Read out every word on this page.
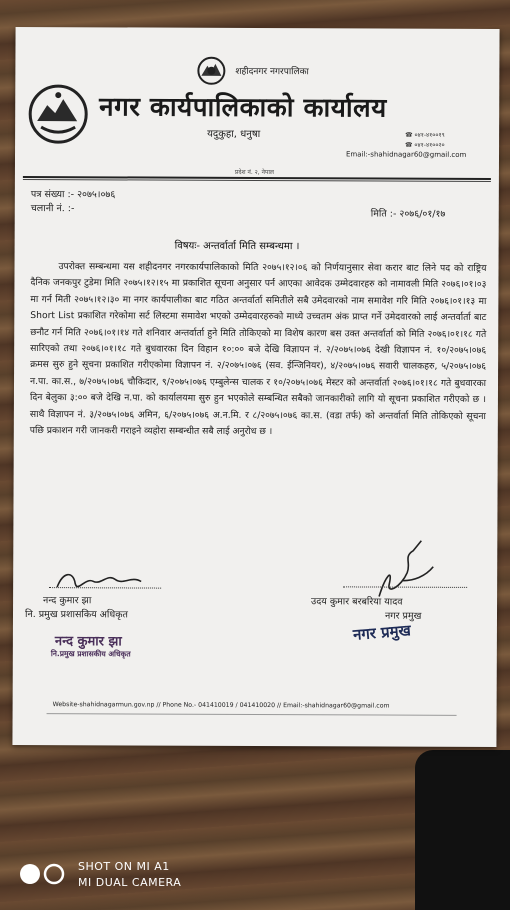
शहीदनगर नगरपालिका
नगर कार्यपालिकाको कार्यालय
यदुकुहा, धनुषा	☎ ०४१-४१००१९
☎ ०४१-४१००२०
Email:-shahidnagar60@gmail.com
प्रदेश नं. २, नेपाल
पत्र संख्या :- २०७५।०७६
चलानी नं. :-	मिति :- २०७६/०१/१७
विषयः- अन्तर्वार्ता मिति सम्बन्धमा ।
उपरोक्त सम्बन्धमा यस शहीदनगर नगरकार्यपालिकाको मिति २०७५।१२।०६ को निर्णयानुसार सेवा करार बाट लिने पद को राष्ट्रिय दैनिक जनकपुर टुडेमा मिति २०७५।१२।१५ मा प्रकाशित सूचना अनुसार पर्न आएका आवेदक उम्मेदवारहरु को नामावली मिति २०७६।०१।०३ मा गर्न मिती २०७५।१२।३० मा नगर कार्यपालीका बाट गठित अन्तर्वार्ता समितीले सबै उमेदवारको नाम समावेश गरि मिति २०७६।०१।१३ मा Short List प्रकाशित गरेकोमा सर्ट लिस्टमा समावेश भएको उम्मेदवारहरुको माध्ये उच्चतम अंक प्राप्त गर्ने उमेदवारको लाई अन्तर्वार्ता बाट छनौट गर्न मिति २०७६।०१।१४ गते शनिवार अन्तर्वार्ता हुने मिति तोकिएको मा विशेष कारण बस उक्त अन्तर्वार्ता को मिति २०७६।०१।१८ गते सारिएको तथा २०७६।०१।१८ गते बुधवारका दिन विहान १०:०० बजे देखि विज्ञापन नं. २/२०७५।०७६ देखी विज्ञापन नं. १०/२०७५।०७६ क्रमस सुरु हुने सूचना प्रकाशित गरीएकोमा विज्ञापन नं. २/२०७५।०७६ (सव. ईन्जिनियर), ४/२०७५।०७६ सवारी चालकहरु, ५/२०७५।०७६ न.पा. का.स., ७/२०७५।०७६ चौकिदार, ९/२०७५।०७६ एम्बुलेन्स चालक र १०/२०७५।०७६ मेस्टर को अन्तर्वार्ता २०७६।०१।१८ गते बुधवारका दिन बेलुका ३:०० बजे देखि न.पा. को कार्यालयमा सुरु हुन भएकोले सम्बन्धित सबैको जानकारीको लागि यो सूचना प्रकाशित गरीएको छ । साथै विज्ञापन नं. ३/२०७५।०७६ अमिन, ६/२०७५।०७६ अ.न.मि. र ८/२०७५।०७६ का.स. (वडा तर्फ) को अन्तर्वार्ता मिति तोकिएको सूचना पछि प्रकाशन गरी जानकरी गराइने व्यहोरा सम्बन्धीत सबै लाई अनुरोध छ ।
नन्द कुमार झा
नि. प्रमुख प्रशासकिय अधिकृत
नन्द कुमार झा
नि.प्रमुख प्रशासकीय अधिकृत
उदय कुमार बरबरिया यादव
नगर प्रमुख
नगर प्रमुख
Website-shahidnagarmun.gov.np // Phone No.- 041410019 / 041410020 // Email:-shahidnagar60@gmail.com
SHOT ON MI A1
MI DUAL CAMERA
